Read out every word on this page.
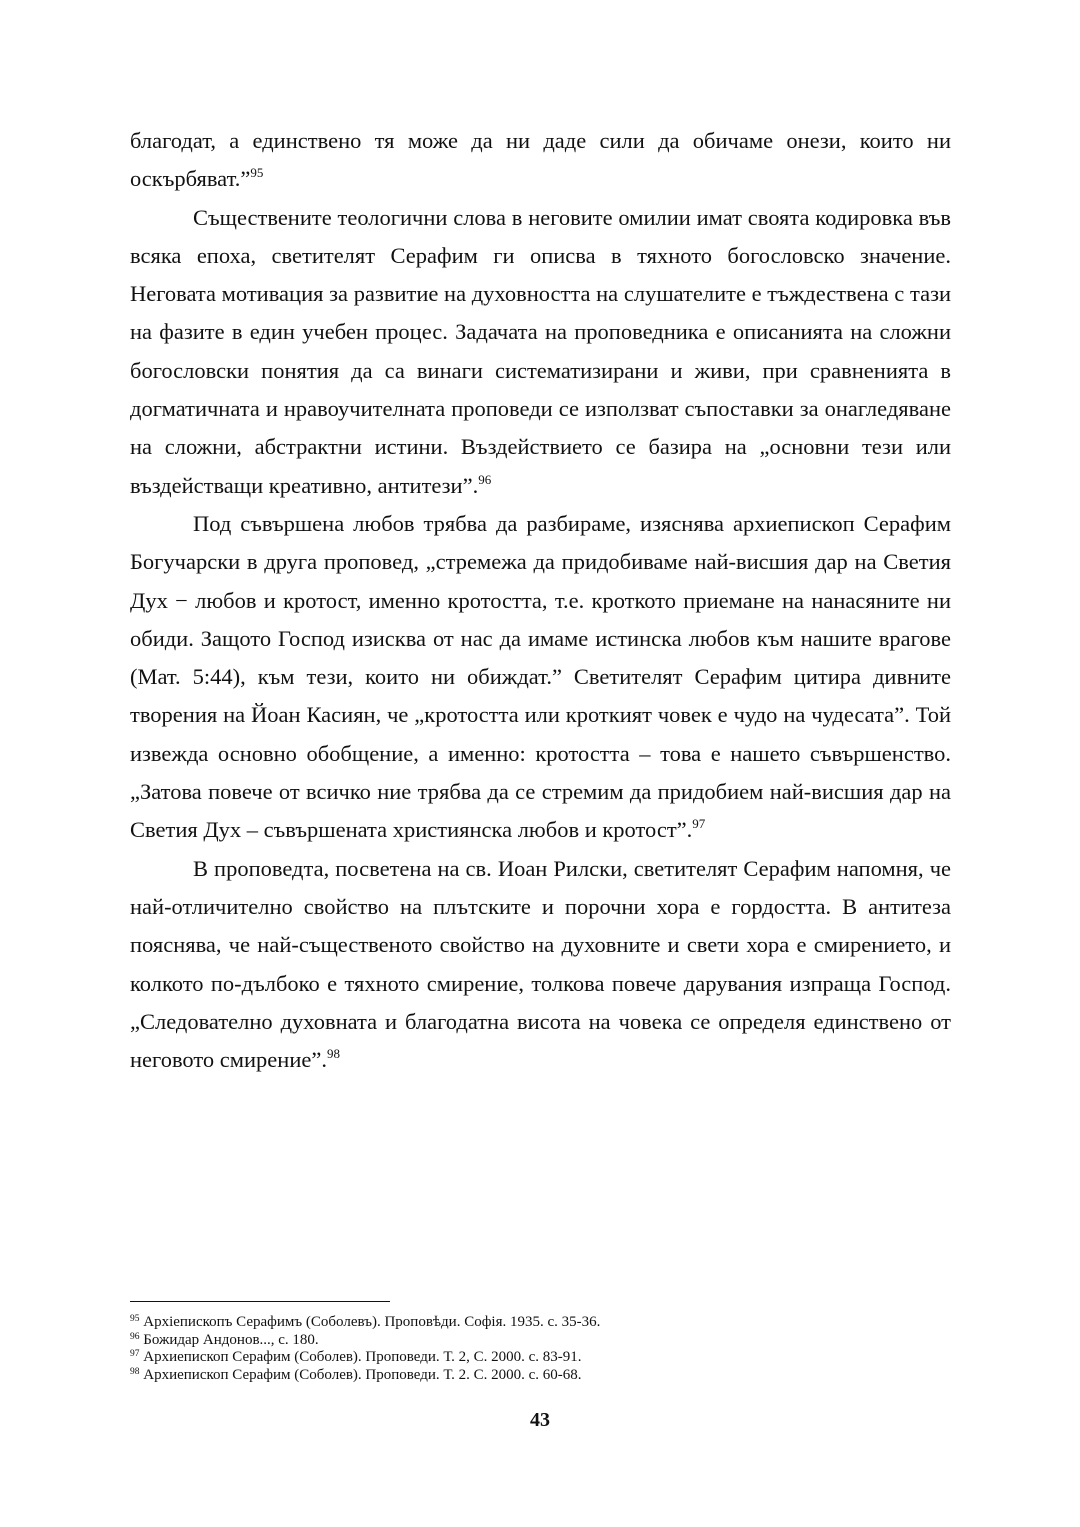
благодат, а единствено тя може да ни даде сили да обичаме онези, които ни оскърбяват.”$^{95}$

Съществените теологични слова в неговите омилии имат своята кодировка във всяка епоха, светителят Серафим ги описва в тяхното богословско значение. Неговата мотивация за развитие на духовността на слушателите е тъждествена с тази на фазите в един учебен процес. Задачата на проповедника е описанията на сложни богословски понятия да са винаги систематизирани и живи, при сравненията в догматичната и нравоучителната проповеди се използват съпоставки за онагледяване на сложни, абстрактни истини. Въздействието се базира на „основни тези или въздействащи креативно, антитези”.$^{96}$

Под съвършена любов трябва да разбираме, изяснява архиепископ Серафим Богучарски в друга проповед, „стремежа да придобиваме най-висшия дар на Светия Дух − любов и кротост, именно кротостта, т.е. кроткото приемане на нанасяните ни обиди. Защото Господ изисква от нас да имаме истинска любов към нашите врагове (Мат. 5:44), към тези, които ни обиждат.” Светителят Серафим цитира дивните творения на Йоан Касиян, че „кротостта или кроткият човек е чудо на чудесата”. Той извежда основно обобщение, а именно: кротостта – това е нашето съвършенство. „Затова повече от всичко ние трябва да се стремим да придобием най-висшия дар на Светия Дух – съвършената християнска любов и кротост”.$^{97}$

В проповедта, посветена на св. Иоан Рилски, светителят Серафим напомня, че най-отличително свойство на плътските и порочни хора е гордостта. В антитеза пояснява, че най-същественото свойство на духовните и свети хора е смирението, и колкото по-дълбоко е тяхното смирение, толкова повече дарувания изпраща Господ. „Следователно духовната и благодатна висота на човека се определя единствено от неговото смирение”.$^{98}$

$^{95}$ Архiепископъ Серафимъ (Соболевъ). Проповѣди. Софiя. 1935. с. 35-36.

$^{96}$ Божидар Андонов..., с. 180.

$^{97}$ Архиепископ Серафим (Соболев). Проповеди. Т. 2, С. 2000. с. 83-91.

$^{98}$ Архиепископ Серафим (Соболев). Проповеди. Т. 2. С. 2000. с. 60-68.

43
